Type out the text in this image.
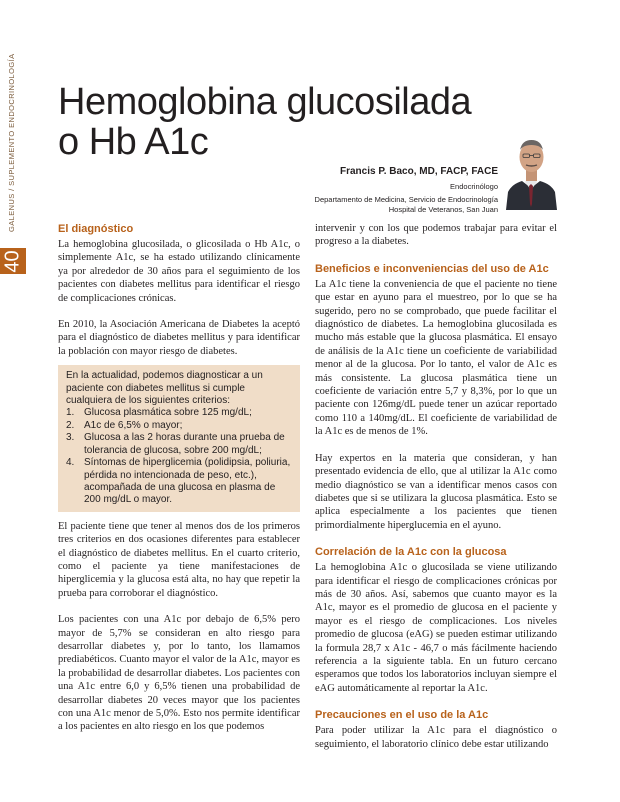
40
GALENUS / SUPLEMENTO ENDOCRINOLOGÍA Hemoglobina glucosilada
o Hb A1c
Francis P. Baco, MD, FACP, FACE
Endocrinólogo
Departamento de Medicina, Servicio de Endocrinología
Hospital de Veteranos, San Juan
El diagnóstico

La hemoglobina glucosilada, o glicosilada o Hb A1c, o simplemente A1c, se ha estado utilizando clínicamente ya por alrededor de 30 años para el seguimiento de los pacientes con diabetes mellitus para identificar el riesgo de complicaciones crónicas.

En 2010, la Asociación Americana de Diabetes la aceptó para el diagnóstico de diabetes mellitus y para identificar la población con mayor riesgo de diabetes.

En la actualidad, podemos diagnosticar a un paciente con diabetes mellitus si cumple cualquiera de los siguientes criterios:
1. Glucosa plasmática sobre 125 mg/dL;
2. A1c de 6,5% o mayor;
3. Glucosa a las 2 horas durante una prueba de tolerancia de glucosa, sobre 200 mg/dL;
4. Síntomas de hiperglicemia (polidipsia, poliuria, pérdida no intencionada de peso, etc.), acompañada de una glucosa en plasma de 200 mg/dL o mayor.

El paciente tiene que tener al menos dos de los primeros tres criterios en dos ocasiones diferentes para establecer el diagnóstico de diabetes mellitus. En el cuarto criterio, como el paciente ya tiene manifestaciones de hiperglicemia y la glucosa está alta, no hay que repetir la prueba para corroborar el diagnóstico.

Los pacientes con una A1c por debajo de 6,5% pero mayor de 5,7% se consideran en alto riesgo para desarrollar diabetes y, por lo tanto, los llamamos prediabéticos. Cuanto mayor el valor de la A1c, mayor es la probabilidad de desarrollar diabetes. Los pacientes con una A1c entre 6,0 y 6,5% tienen una probabilidad de desarrollar diabetes 20 veces mayor que los pacientes con una A1c menor de 5,0%. Esto nos permite identificar a los pacientes en alto riesgo en los que podemos

intervenir y con los que podemos trabajar para evitar el progreso a la diabetes.

Beneficios e inconveniencias del uso de A1c

La A1c tiene la conveniencia de que el paciente no tiene que estar en ayuno para el muestreo, por lo que se ha sugerido, pero no se comprobado, que puede facilitar el diagnóstico de diabetes. La hemoglobina glucosilada es mucho más estable que la glucosa plasmática. El ensayo de análisis de la A1c tiene un coeficiente de variabilidad menor al de la glucosa. Por lo tanto, el valor de A1c es más consistente. La glucosa plasmática tiene un coeficiente de variación entre 5,7 y 8,3%, por lo que un paciente con 126mg/dL puede tener un azúcar reportado como 110 a 140mg/dL. El coeficiente de variabilidad de la A1c es de menos de 1%.

Hay expertos en la materia que consideran, y han presentado evidencia de ello, que al utilizar la A1c como medio diagnóstico se van a identificar menos casos con diabetes que si se utilizara la glucosa plasmática. Esto se aplica especialmente a los pacientes que tienen primordialmente hiperglucemia en el ayuno.

Correlación de la A1c con la glucosa

La hemoglobina A1c o glucosilada se viene utilizando para identificar el riesgo de complicaciones crónicas por más de 30 años. Así, sabemos que cuanto mayor es la A1c, mayor es el promedio de glucosa en el paciente y mayor es el riesgo de complicaciones. Los niveles promedio de glucosa (eAG) se pueden estimar utilizando la formula 28,7 x A1c - 46,7 o más fácilmente haciendo referencia a la siguiente tabla. En un futuro cercano esperamos que todos los laboratorios incluyan siempre el eAG automáticamente al reportar la A1c.

Precauciones en el uso de la A1c

Para poder utilizar la A1c para el diagnóstico o seguimiento, el laboratorio clínico debe estar utilizando
